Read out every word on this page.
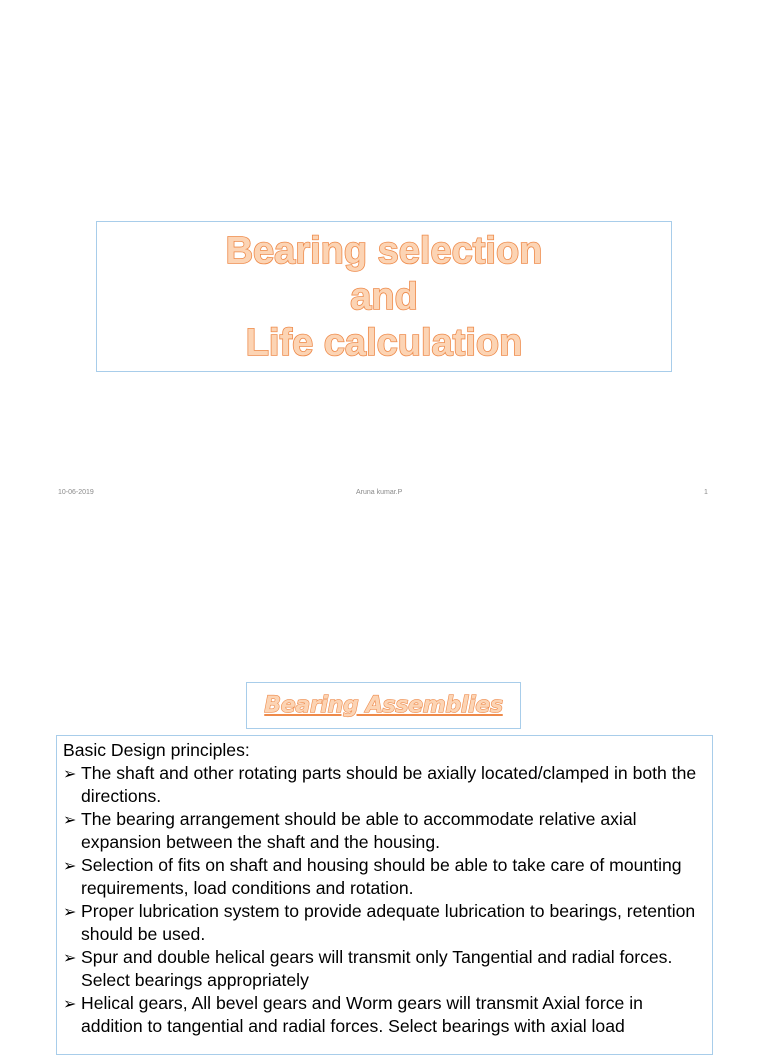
Bearing selection
and
Life calculation
10-06-2019	Aruna kumar.P	1
Bearing Assemblies

Basic Design principles:

➢ The shaft and other rotating parts should be axially located/clamped in both the directions.
➢ The bearing arrangement should be able to accommodate relative axial expansion between the shaft and the housing.
➢ Selection of fits on shaft and housing should be able to take care of mounting requirements, load conditions and rotation.
➢ Proper lubrication system to provide adequate lubrication to bearings, retention should be used.
➢ Spur and double helical gears will transmit only Tangential and radial forces. Select bearings appropriately
➢ Helical gears, All bevel gears and Worm gears will transmit Axial force in addition to tangential and radial forces. Select bearings with axial load
